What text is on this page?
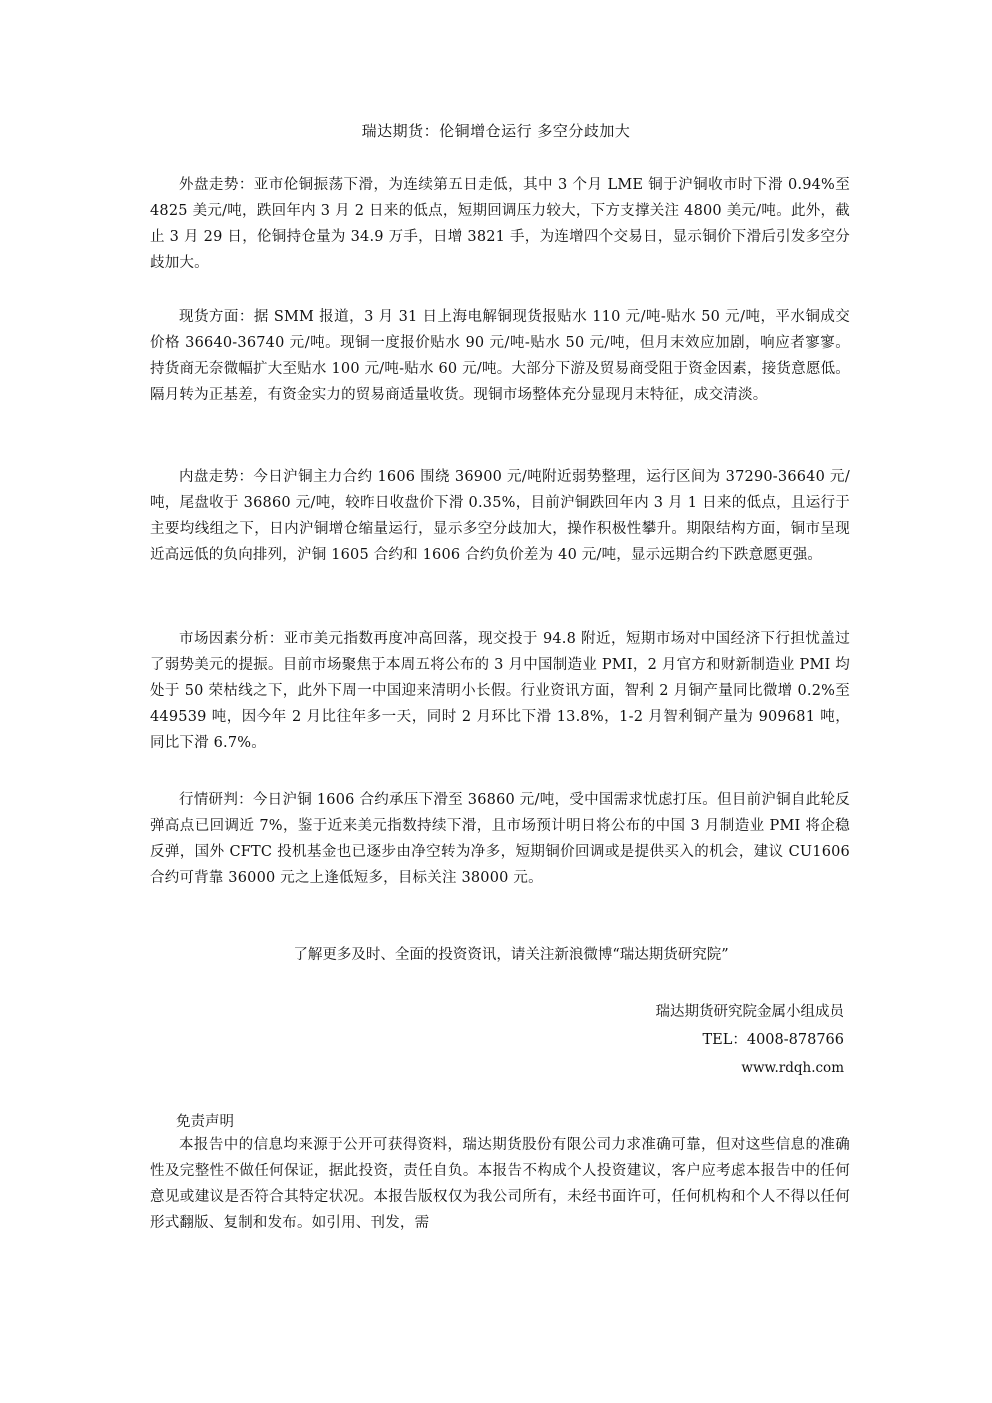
瑞达期货：伦铜增仓运行 多空分歧加大

外盘走势：亚市伦铜振荡下滑，为连续第五日走低，其中 3 个月 LME 铜于沪铜收市时下滑 0.94%至 4825 美元/吨，跌回年内 3 月 2 日来的低点，短期回调压力较大，下方支撑关注 4800 美元/吨。此外，截止 3 月 29 日，伦铜持仓量为 34.9 万手，日增 3821 手，为连增四个交易日，显示铜价下滑后引发多空分歧加大。

现货方面：据 SMM 报道，3 月 31 日上海电解铜现货报贴水 110 元/吨-贴水 50 元/吨，平水铜成交价格 36640-36740 元/吨。现铜一度报价贴水 90 元/吨-贴水 50 元/吨，但月末效应加剧，响应者寥寥。持货商无奈微幅扩大至贴水 100 元/吨-贴水 60 元/吨。大部分下游及贸易商受阻于资金因素，接货意愿低。隔月转为正基差，有资金实力的贸易商适量收货。现铜市场整体充分显现月末特征，成交清淡。

内盘走势：今日沪铜主力合约 1606 围绕 36900 元/吨附近弱势整理，运行区间为 37290-36640 元/吨，尾盘收于 36860 元/吨，较昨日收盘价下滑 0.35%，目前沪铜跌回年内 3 月 1 日来的低点，且运行于主要均线组之下，日内沪铜增仓缩量运行，显示多空分歧加大，操作积极性攀升。期限结构方面，铜市呈现近高远低的负向排列，沪铜 1605 合约和 1606 合约负价差为 40 元/吨，显示远期合约下跌意愿更强。

市场因素分析：亚市美元指数再度冲高回落，现交投于 94.8 附近，短期市场对中国经济下行担忧盖过了弱势美元的提振。目前市场聚焦于本周五将公布的 3 月中国制造业 PMI，2 月官方和财新制造业 PMI 均处于 50 荣枯线之下，此外下周一中国迎来清明小长假。行业资讯方面，智利 2 月铜产量同比微增 0.2%至 449539 吨，因今年 2 月比往年多一天，同时 2 月环比下滑 13.8%，1-2 月智利铜产量为 909681 吨，同比下滑 6.7%。

行情研判：今日沪铜 1606 合约承压下滑至 36860 元/吨，受中国需求忧虑打压。但目前沪铜自此轮反弹高点已回调近 7%，鉴于近来美元指数持续下滑，且市场预计明日将公布的中国 3 月制造业 PMI 将企稳反弹，国外 CFTC 投机基金也已逐步由净空转为净多，短期铜价回调或是提供买入的机会，建议 CU1606 合约可背靠 36000 元之上逢低短多，目标关注 38000 元。

了解更多及时、全面的投资资讯，请关注新浪微博“瑞达期货研究院”
瑞达期货研究院金属小组成员
TEL：4008-878766
www.rdqh.com
免责声明

本报告中的信息均来源于公开可获得资料，瑞达期货股份有限公司力求准确可靠，但对这些信息的准确性及完整性不做任何保证，据此投资，责任自负。本报告不构成个人投资建议，客户应考虑本报告中的任何意见或建议是否符合其特定状况。本报告版权仅为我公司所有，未经书面许可，任何机构和个人不得以任何形式翻版、复制和发布。如引用、刊发，需
